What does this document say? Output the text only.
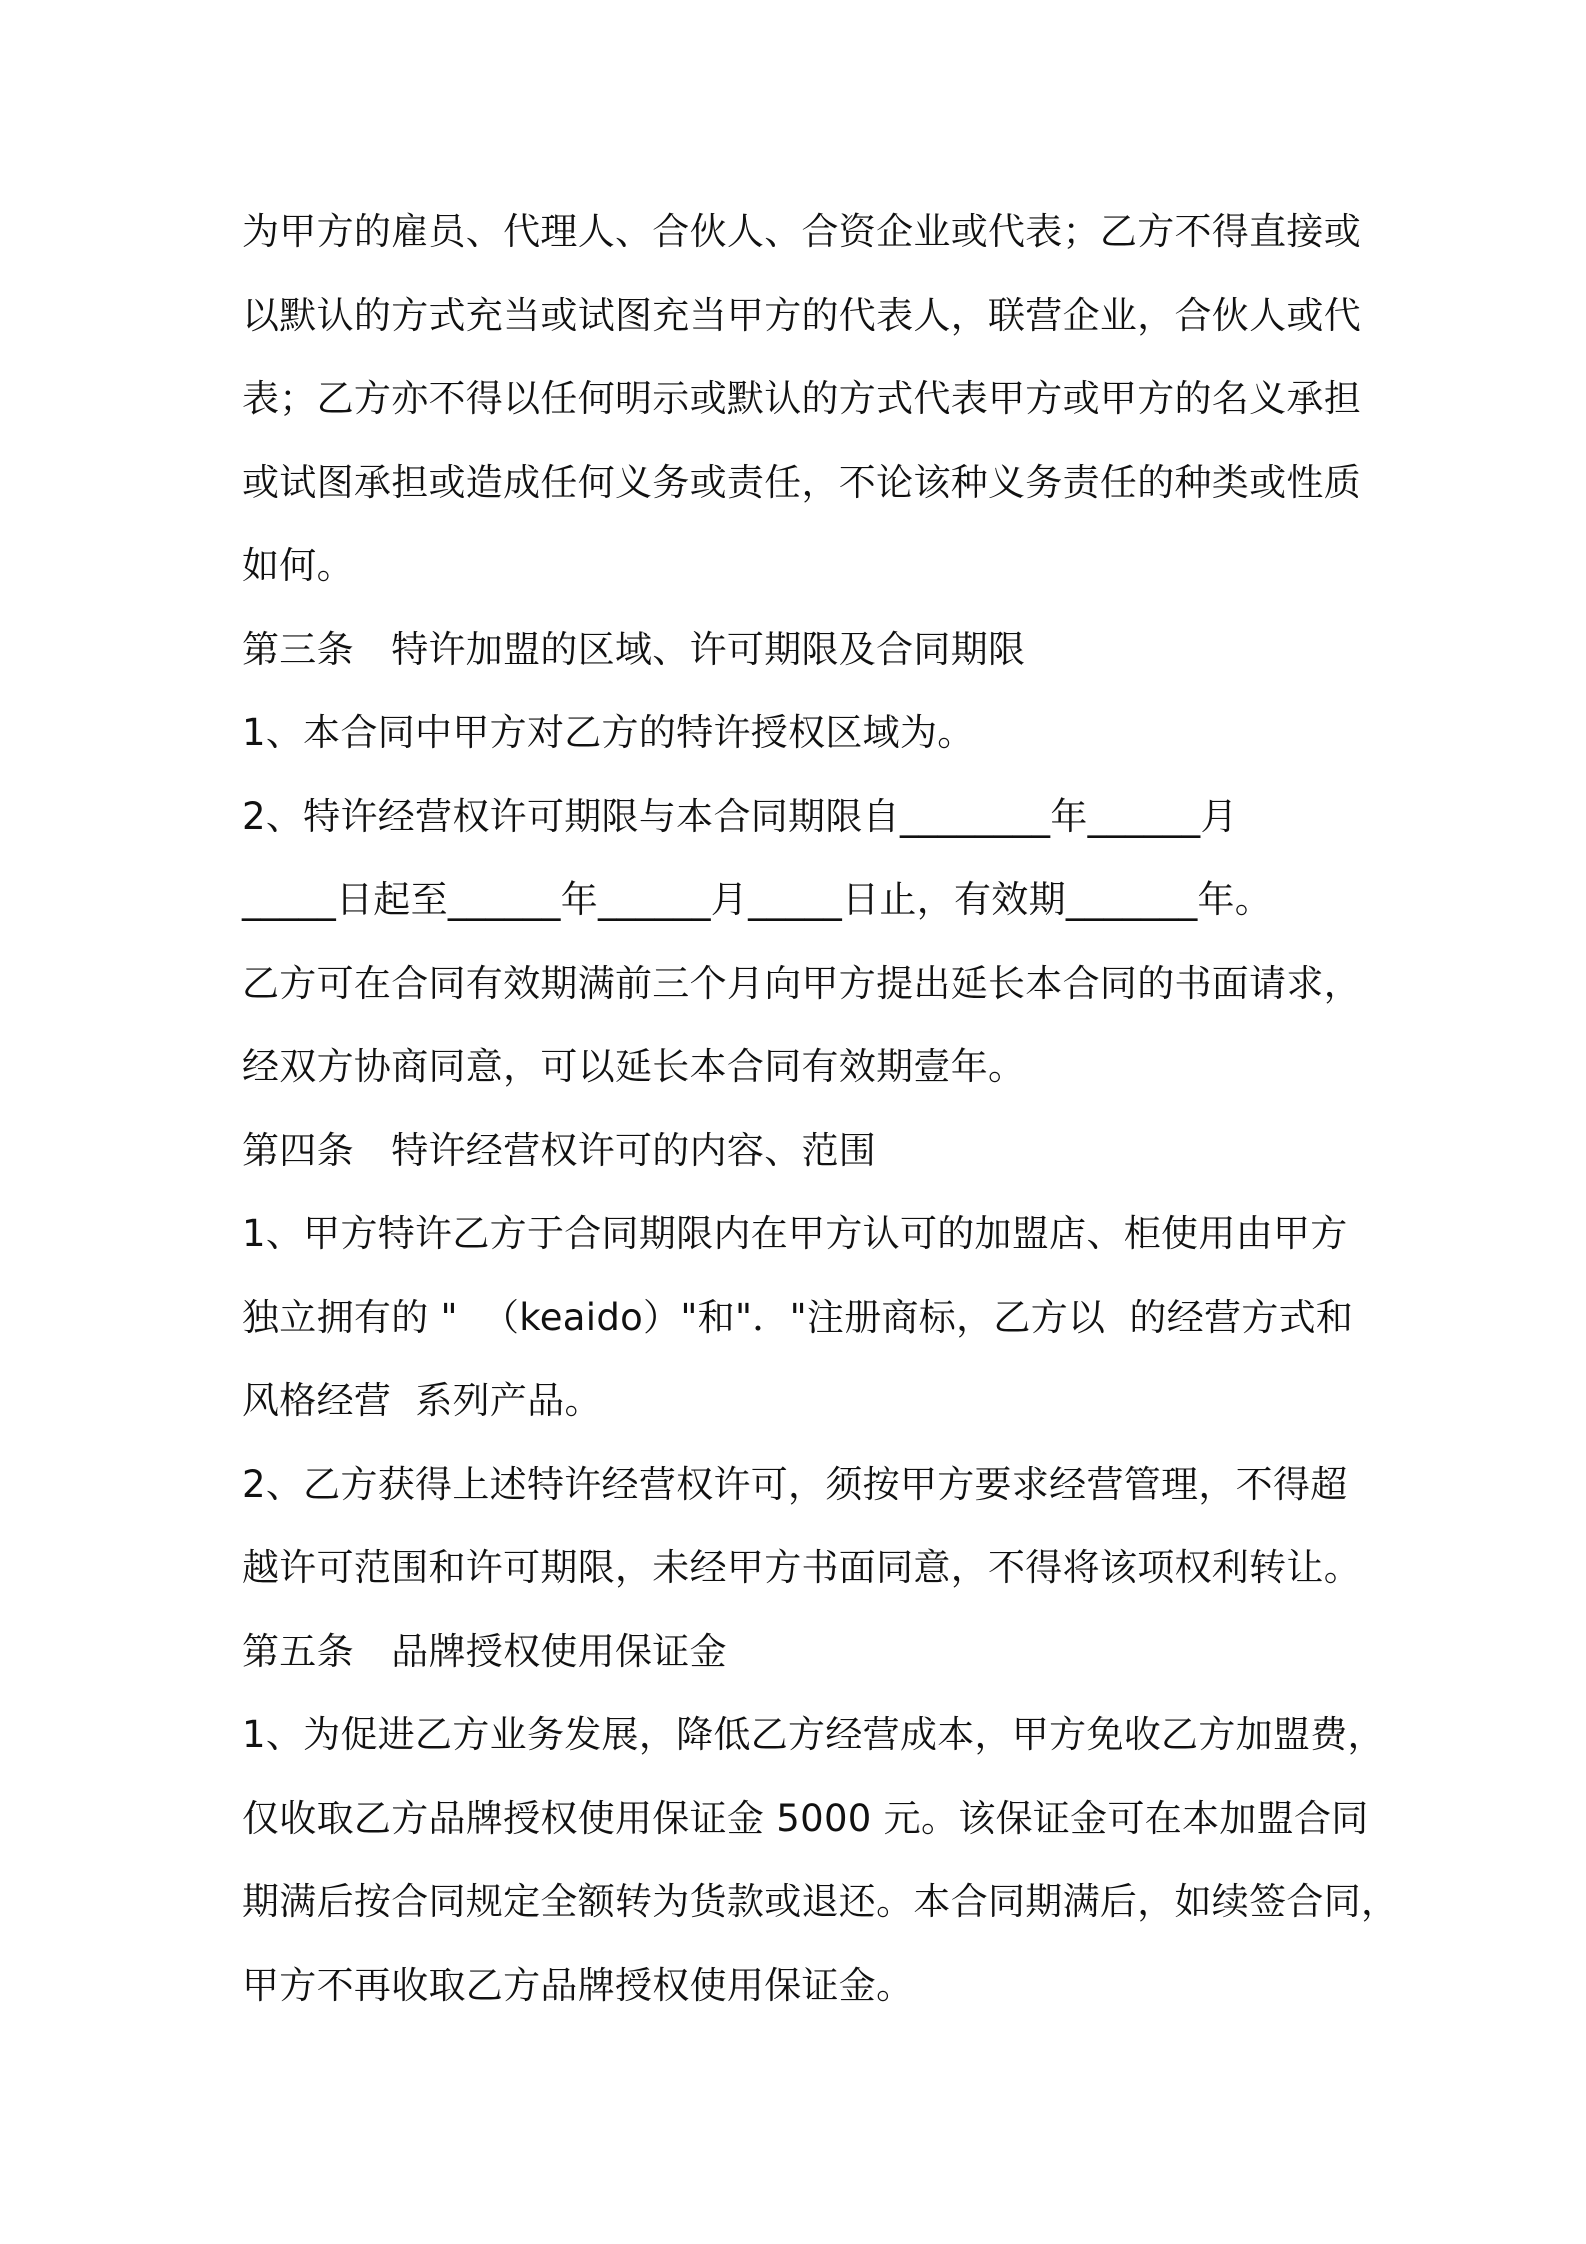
为甲方的雇员、代理人、合伙人、合资企业或代表；乙方不得直接或
以默认的方式充当或试图充当甲方的代表人，联营企业，合伙人或代
表；乙方亦不得以任何明示或默认的方式代表甲方或甲方的名义承担
或试图承担或造成任何义务或责任，不论该种义务责任的种类或性质
如何。
第三条　特许加盟的区域、许可期限及合同期限
1、本合同中甲方对乙方的特许授权区域为。
2、特许经营权许可期限与本合同期限自________年______月
_____日起至______年______月_____日止，有效期_______年。
乙方可在合同有效期满前三个月向甲方提出延长本合同的书面请求，
经双方协商同意，可以延长本合同有效期壹年。
第四条　特许经营权许可的内容、范围
1、甲方特许乙方于合同期限内在甲方认可的加盟店、柜使用由甲方
独立拥有的 "  （keaido）"和"．"注册商标，乙方以  的经营方式和
风格经营  系列产品。
2、乙方获得上述特许经营权许可，须按甲方要求经营管理，不得超
越许可范围和许可期限，未经甲方书面同意，不得将该项权利转让。
第五条　品牌授权使用保证金
1、为促进乙方业务发展，降低乙方经营成本，甲方免收乙方加盟费，
仅收取乙方品牌授权使用保证金 5000 元。该保证金可在本加盟合同
期满后按合同规定全额转为货款或退还。本合同期满后，如续签合同，
甲方不再收取乙方品牌授权使用保证金。
